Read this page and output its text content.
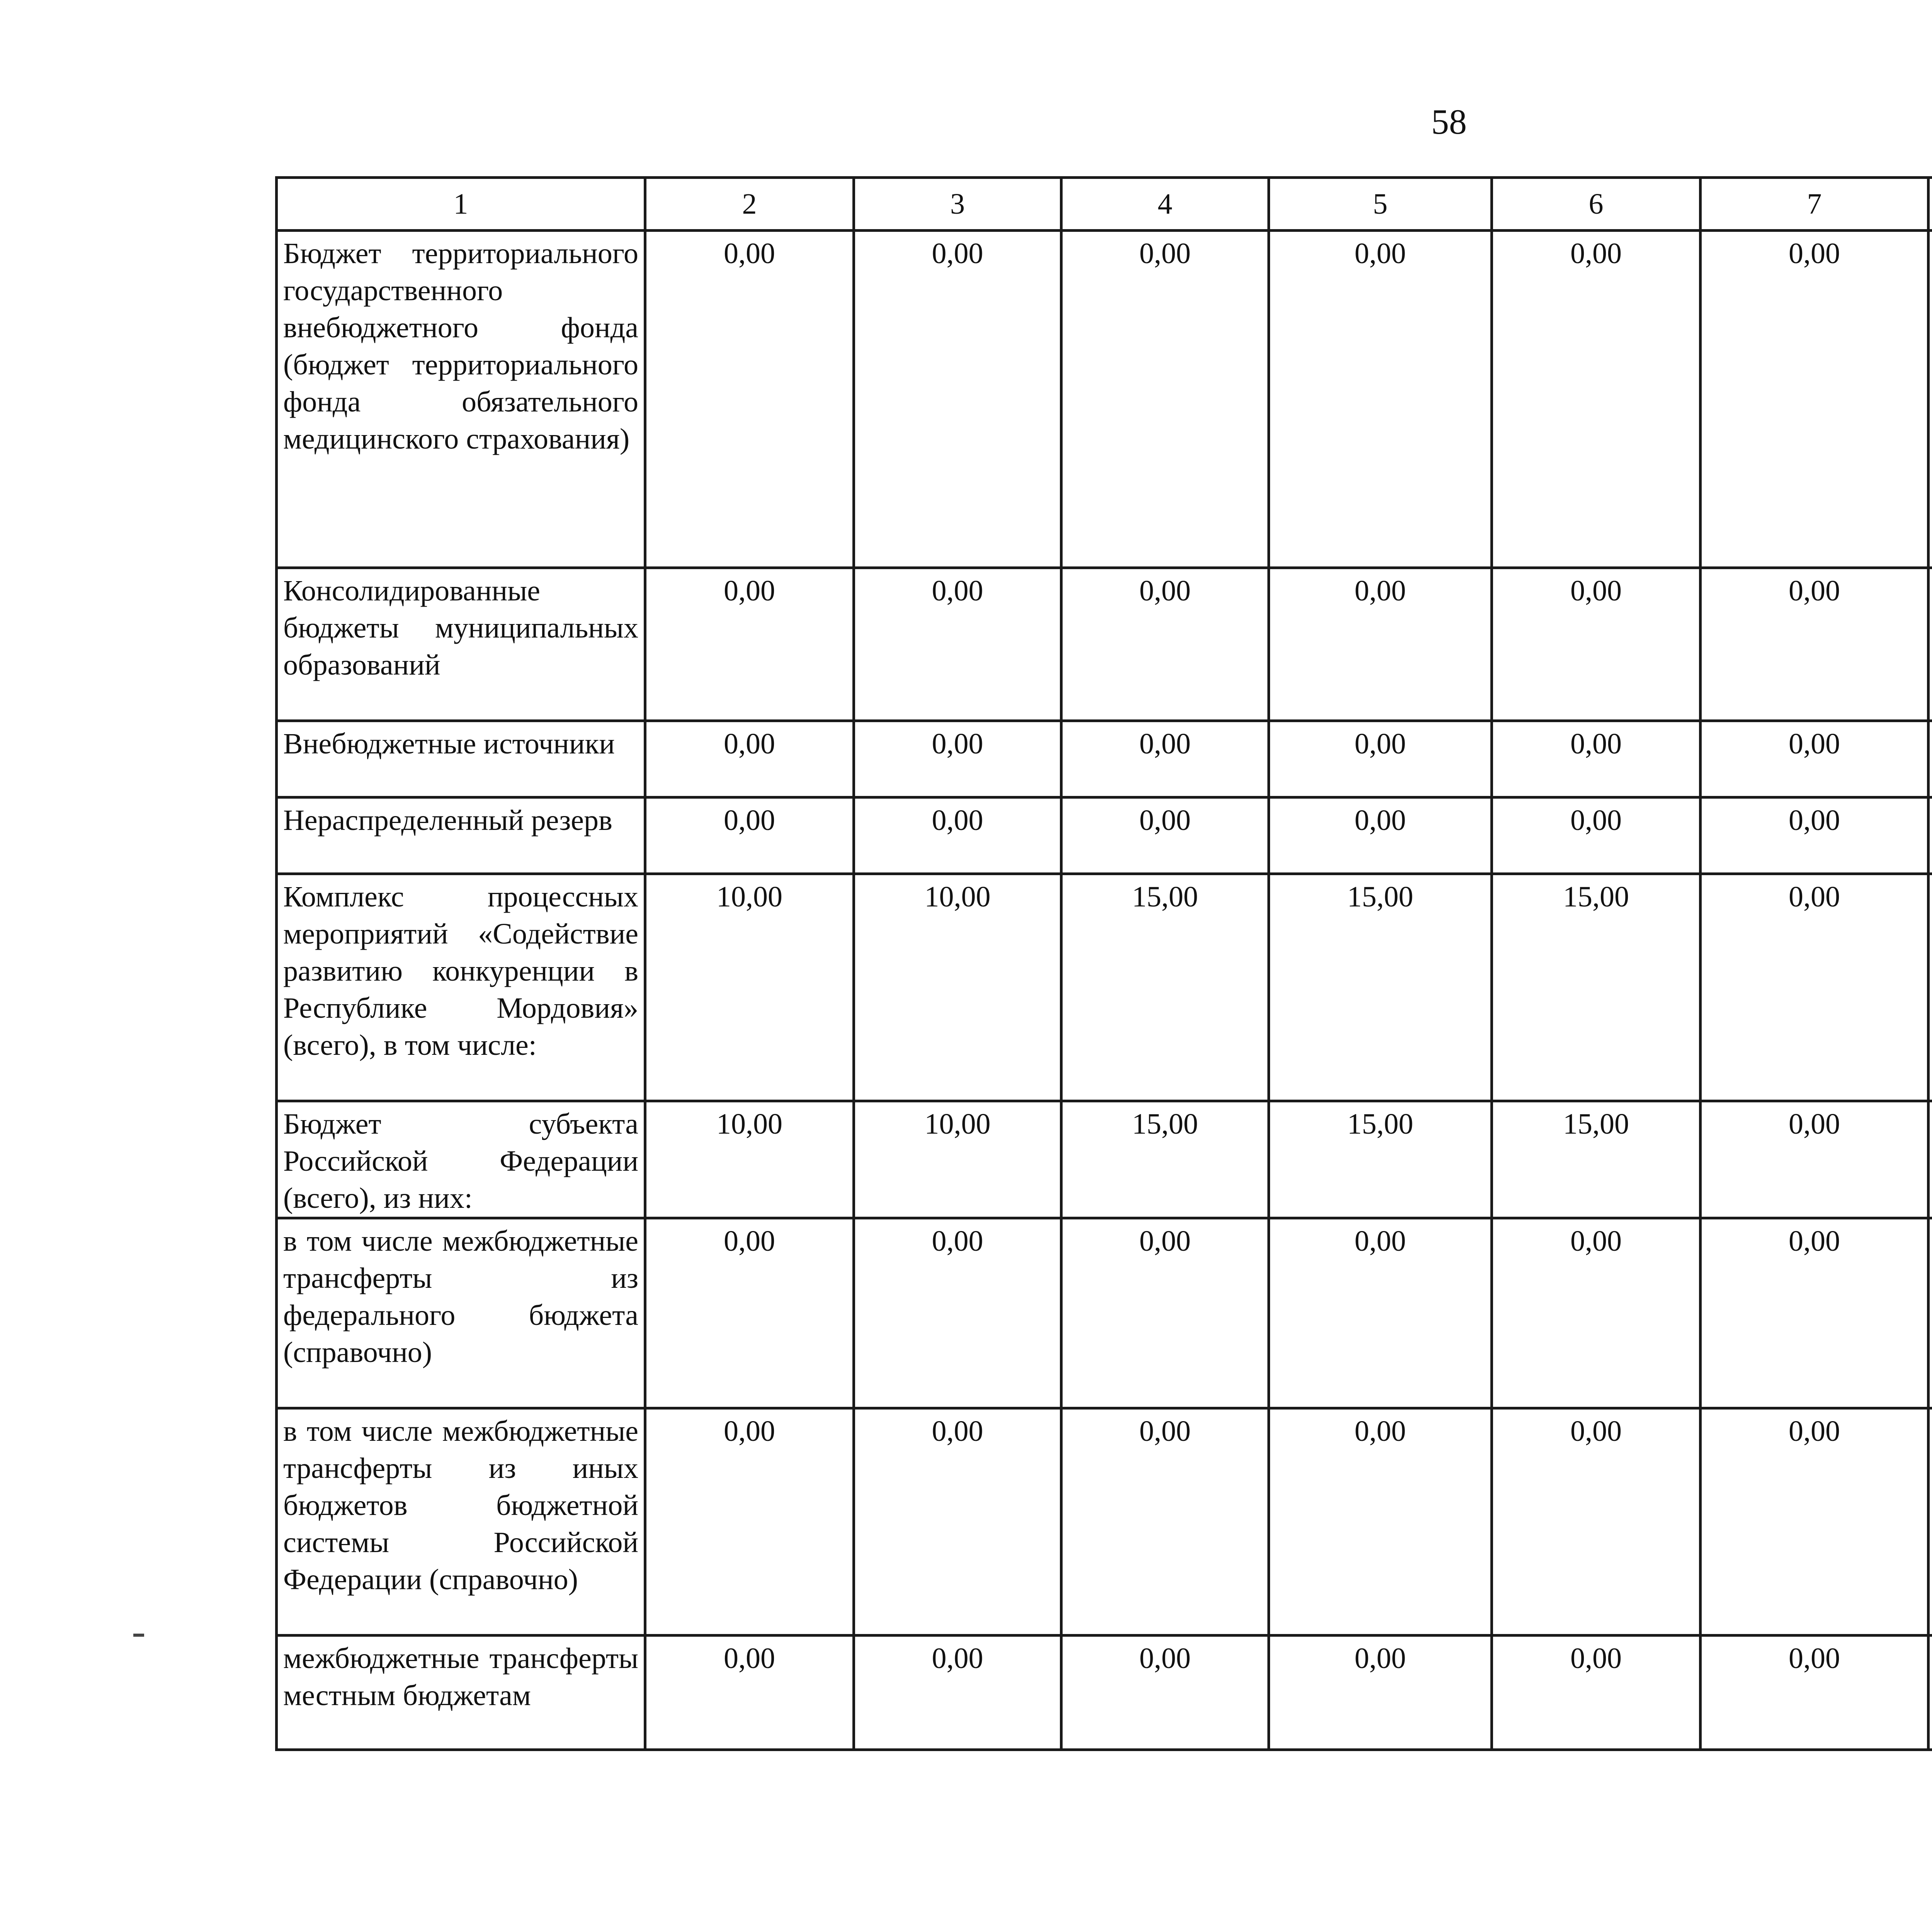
58
1	2	3	4	5	6	7		
Бюджет территориального государственного внебюджетного фонда (бюджет территориального фонда обязательного медицинского страхования)	0,00	0,00	0,00	0,00	0,00	0,00		
Консолидированные бюджеты муниципальных образований	0,00	0,00	0,00	0,00	0,00	0,00		
Внебюджетные источники	0,00	0,00	0,00	0,00	0,00	0,00		
Нераспределенный резерв	0,00	0,00	0,00	0,00	0,00	0,00		
Комплекс процессных мероприятий «Содействие развитию конкуренции в Республике Мордовия» (всего), в том числе:	10,00	10,00	15,00	15,00	15,00	0,00		
Бюджет субъекта Российской Федерации (всего), из них:	10,00	10,00	15,00	15,00	15,00	0,00		
в том числе межбюджетные трансферты из федерального бюджета (справочно)	0,00	0,00	0,00	0,00	0,00	0,00		
в том числе межбюджетные трансферты из иных бюджетов бюджетной системы Российской Федерации (справочно)	0,00	0,00	0,00	0,00	0,00	0,00		
межбюджетные трансферты местным бюджетам	0,00	0,00	0,00	0,00	0,00	0,00		
